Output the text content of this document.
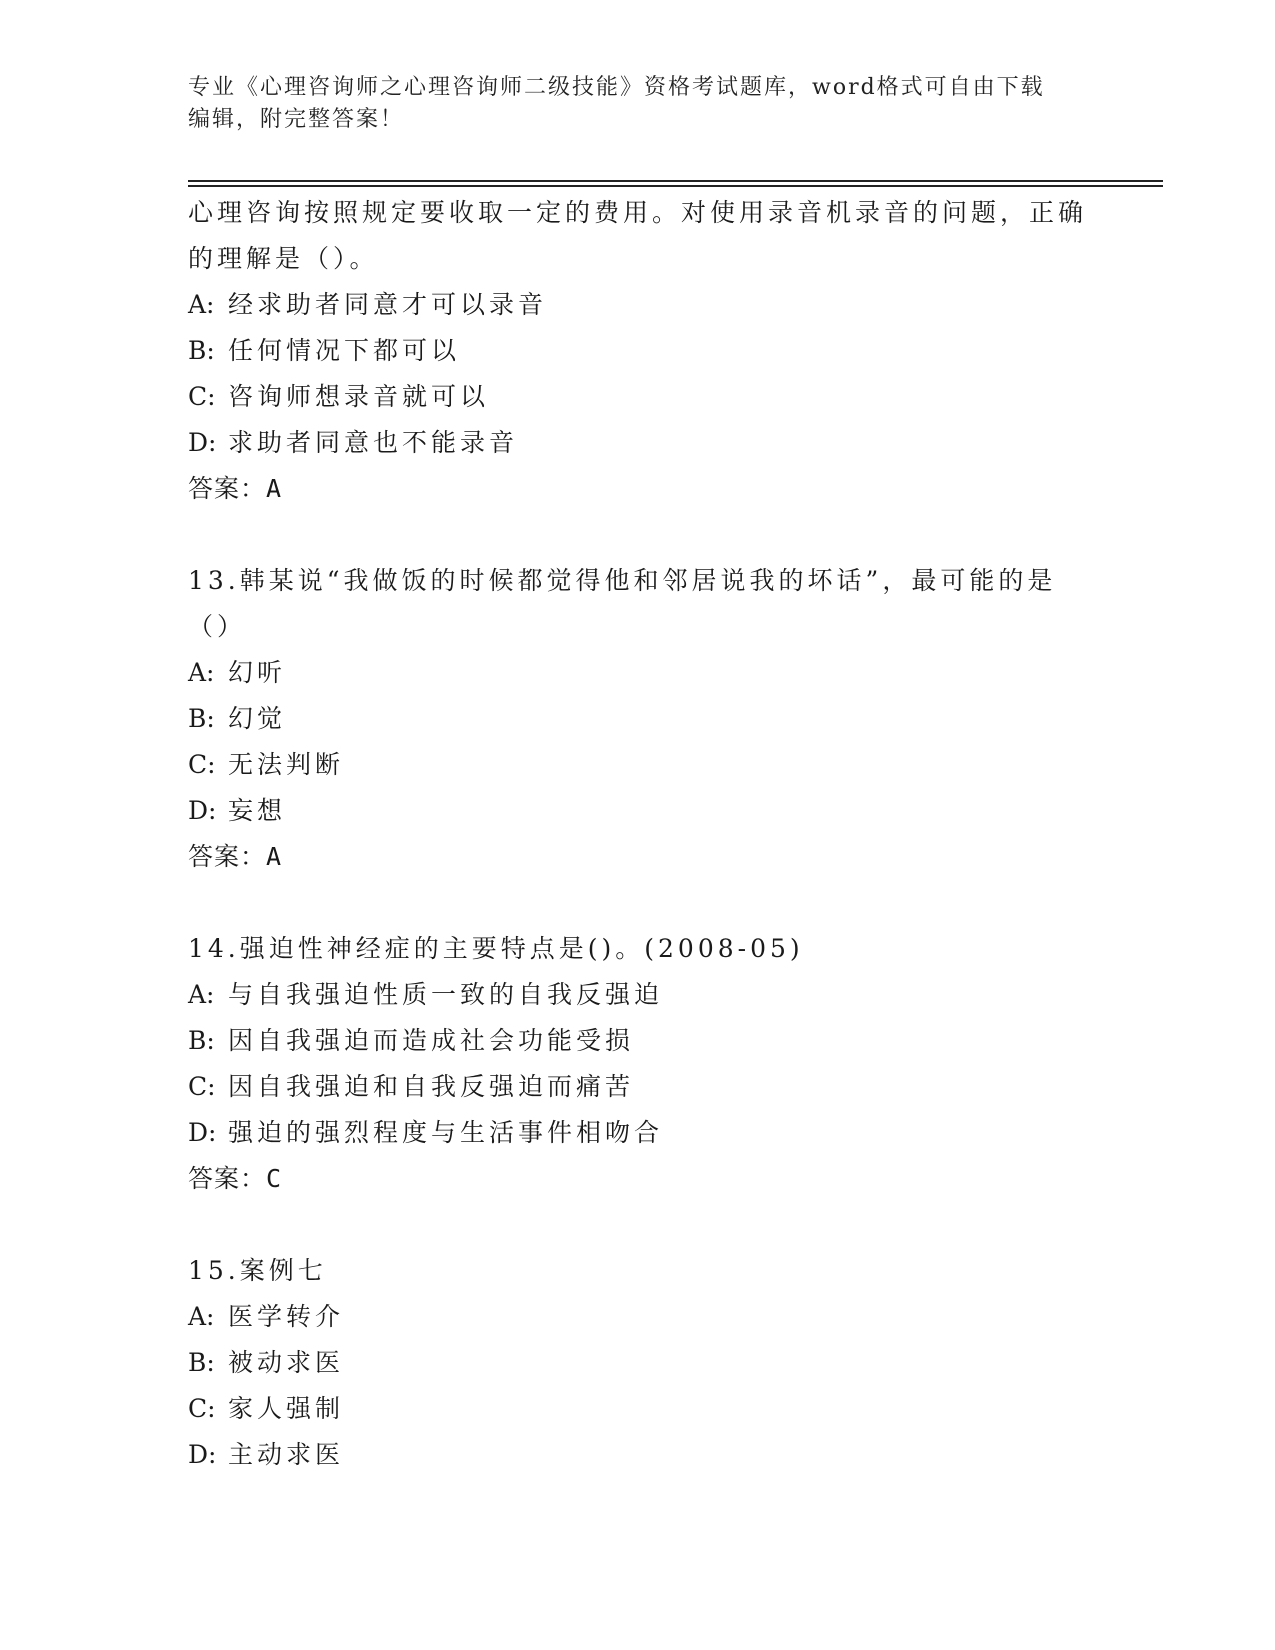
专业《心理咨询师之心理咨询师二级技能》资格考试题库，word格式可自由下载编辑，附完整答案！
心理咨询按照规定要收取一定的费用。对使用录音机录音的问题，正确的理解是（）。
A: 经求助者同意才可以录音
B: 任何情况下都可以
C: 咨询师想录音就可以
D: 求助者同意也不能录音
答案：A
13.韩某说“我做饭的时候都觉得他和邻居说我的坏话”，最可能的是（）
A: 幻听
B: 幻觉
C: 无法判断
D: 妄想
答案：A
14.强迫性神经症的主要特点是()。(2008-05)
A: 与自我强迫性质一致的自我反强迫
B: 因自我强迫而造成社会功能受损
C: 因自我强迫和自我反强迫而痛苦
D: 强迫的强烈程度与生活事件相吻合
答案：C
15.案例七
A: 医学转介
B: 被动求医
C: 家人强制
D: 主动求医
